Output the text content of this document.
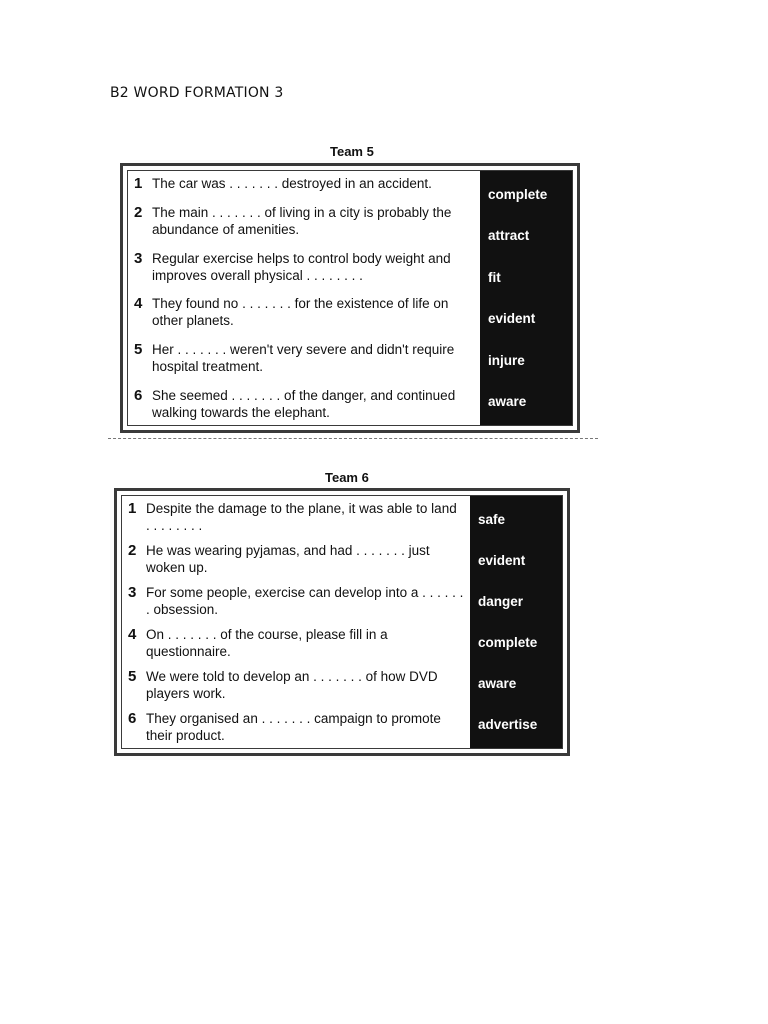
B2 WORD FORMATION 3
Team 5
1 The car was . . . . . . . destroyed in an accident.
2 The main . . . . . . . of living in a city is probably the abundance of amenities.
3 Regular exercise helps to control body weight and improves overall physical . . . . . . . .
4 They found no . . . . . . . for the existence of life on other planets.
5 Her . . . . . . . weren't very severe and didn't require hospital treatment.
6 She seemed . . . . . . . of the danger, and continued walking towards the elephant.
complete
attract
fit
evident
injure
aware
Team 6
1 Despite the damage to the plane, it was able to land . . . . . . . .
2 He was wearing pyjamas, and had . . . . . . . just woken up.
3 For some people, exercise can develop into a . . . . . . . obsession.
4 On . . . . . . . of the course, please fill in a questionnaire.
5 We were told to develop an . . . . . . . of how DVD players work.
6 They organised an . . . . . . . campaign to promote their product.
safe
evident
danger
complete
aware
advertise
